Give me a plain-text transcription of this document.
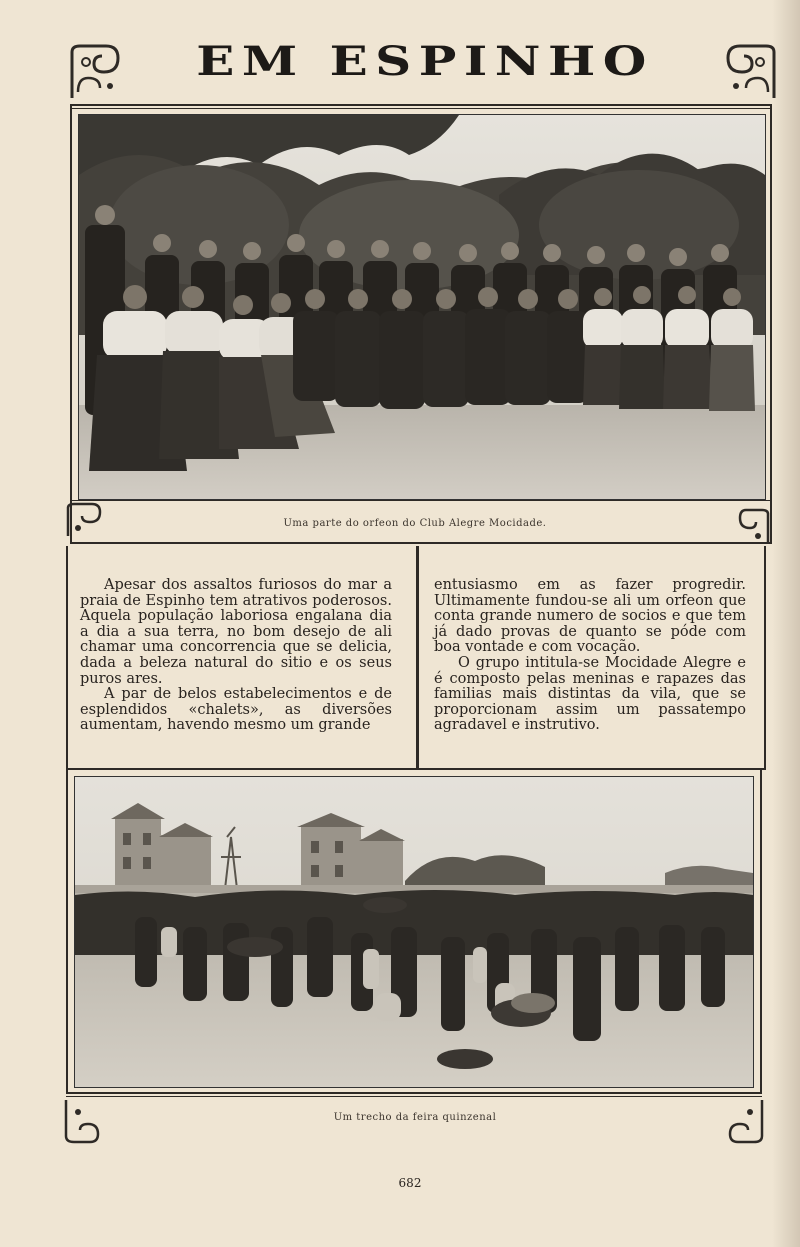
EM ESPINHO
Uma parte do orfeon do Club Alegre Mocidade.

Apesar dos assaltos furiosos do mar a praia de Espinho tem atrativos poderosos. Aquela população laboriosa engalana dia a dia a sua terra, no bom desejo de ali chamar uma concorrencia que se delicia, dada a beleza natural do sitio e os seus puros ares.

A par de belos estabelecimentos e de esplendidos «chalets», as diversões aumentam, havendo mesmo um grande

entusiasmo em as fazer progredir. Ultimamente fundou-se ali um orfeon que conta grande numero de socios e que tem já dado provas de quanto se póde com boa vontade e com vocação.

O grupo intitula-se Mocidade Alegre e é composto pelas meninas e rapazes das familias mais distintas da vila, que se proporcionam assim um passatempo agradavel e instrutivo.

Um trecho da feira quinzenal
682
